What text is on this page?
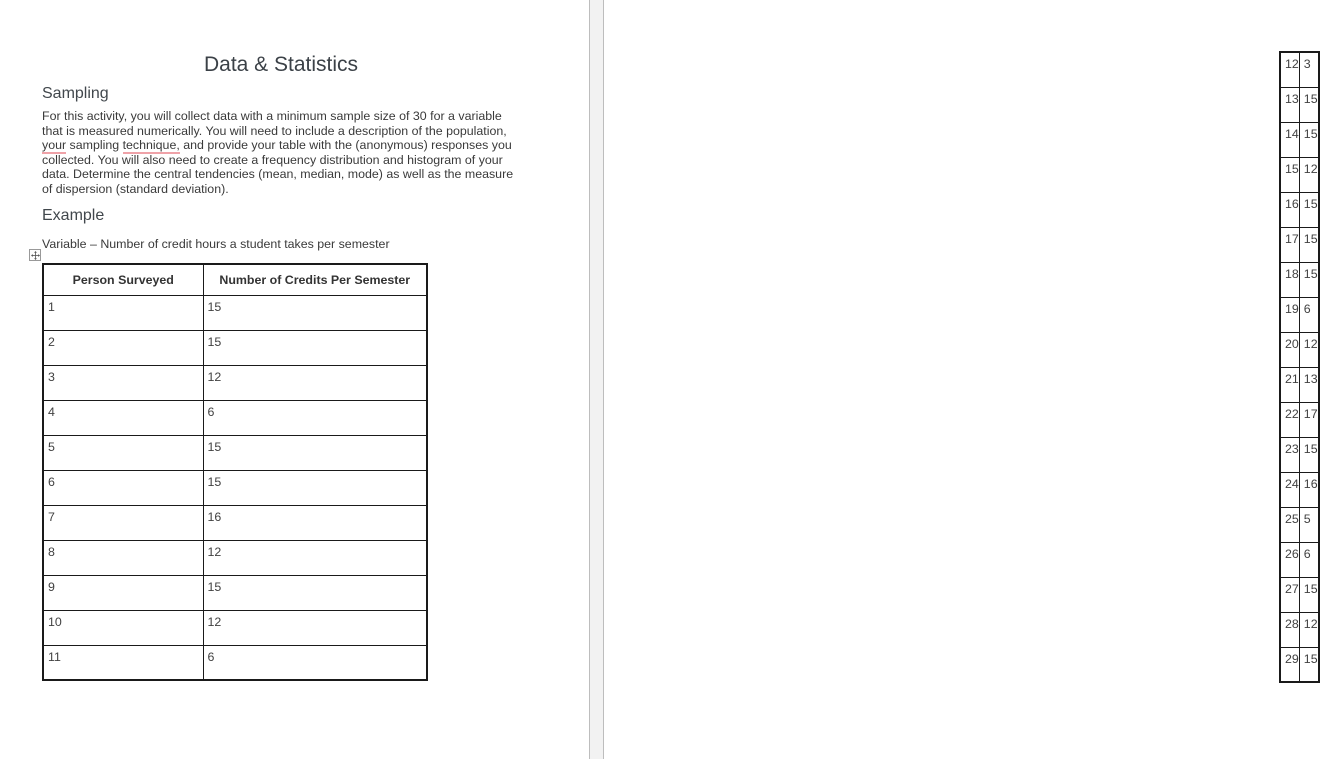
Data & Statistics
Sampling
For this activity, you will collect data with a minimum sample size of 30 for a variable
that is measured numerically. You will need to include a description of the population,
your sampling technique, and provide your table with the (anonymous) responses you
collected. You will also need to create a frequency distribution and histogram of your
data. Determine the central tendencies (mean, median, mode) as well as the measure
of dispersion (standard deviation).
Example
Variable – Number of credit hours a student takes per semester
Person Surveyed	Number of Credits Per Semester
1	15
2	15
3	12
4	6
5	15
6	15
7	16
8	12
9	15
10	12
11	6
12	3
13	15
14	15
15	12
16	15
17	15
18	15
19	6
20	12
21	13
22	17
23	15
24	16
25	5
26	6
27	15
28	12
29	15
